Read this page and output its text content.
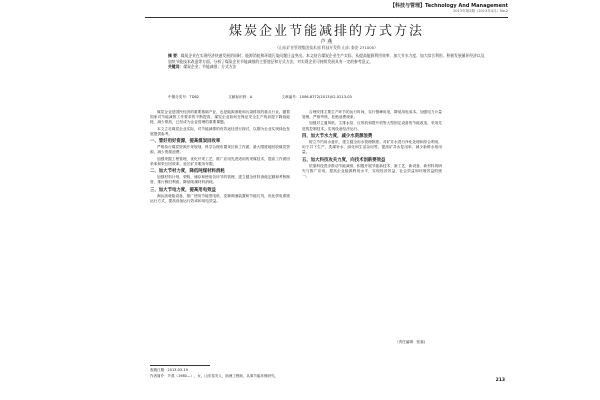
【科技与管理】Technology And Management
2013年第2期（2013年4月）No.2
煤炭企业节能减排的方式方法
芦 燕
（山东矿业管理集团技术部 科技开发科 山东 泰安 271000）
摘 要：煤炭企业在实现经济快速发展的同时，能源消耗和环境污染问题日益突出。本文结合煤炭企业生产实际，从提高能源利用效率、加大节水力度、加大综合利用、积极发展循环经济以及加快节能技术改造等方面，分析了煤炭企业节能减排的主要途径和方式方法，对实现企业可持续发展具有一定的参考意义。
关键词：煤炭企业；节能减排；方式方法
中图分类号：TD82	文献标识码：A	文章编号：1006-8772(2013)02-0213-03

煤炭企业是国民经济的重要基础产业，也是能源消耗和污染排放的重点行业。随着国家对节能减排工作要求的不断提高，煤炭企业如何在保证安全生产的前提下降低能耗、减少排放，已经成为企业管理的重要课题。

本文立足煤炭企业实际，对节能减排的有效途径进行探讨，以期为企业实现绿色发展提供参考。

一、管好用好资源，提高煤炭回收率

严格执行煤炭资源开采规划，科学合理布置采区和工作面，最大限度地回收煤炭资源，减少资源浪费。

加强采掘工程管理，优化开采工艺，推广应用先进适用的采煤技术，提高工作面回采率和采区回收率，延长矿井服务年限。

二、加大节材力度，降低吨煤材料消耗

加强材料计划、采购、储存和使用各环节的管理，建立健全材料消耗定额和考核制度，推行修旧利废，降低吨煤材料消耗。

三、加大节电力度，提高用电效益

淘汰高耗能设备，推广使用节能型电机、变频调速装置和节能灯具，优化供电系统运行方式，提高设备运行效率和用电效益。

合理安排主要生产环节的运行时间，实行错峰用电，降低用电成本。加强电力计量管理，严格考核，杜绝浪费现象。

加强对主通风机、主排水泵、压风机和提升机等大型固定设备的节能改造，采用先进的控制技术，实现设备经济运行。

四、加大节水力度，减少水资源浪费

树立节约用水意识，建立健全用水管理制度。对矿井水进行净化处理和综合利用，用于井下生产、洗煤补水、绿化和生活杂用等，提高矿井水复用率，减少新鲜水取用量。

五、加大科技攻关力度，向技术创新要效益

依靠科技进步推动节能减排，积极开展节能新技术、新工艺、新设备、新材料的研究与推广应用，提高企业能源利用水平，实现经济效益、社会效益和环境效益的统一。

（责任编辑：张嘉)
收稿日期：2013-03-19
作者简介：芦燕（1980—），女，山东泰安人，助理工程师，从事节能环保研究。
213
